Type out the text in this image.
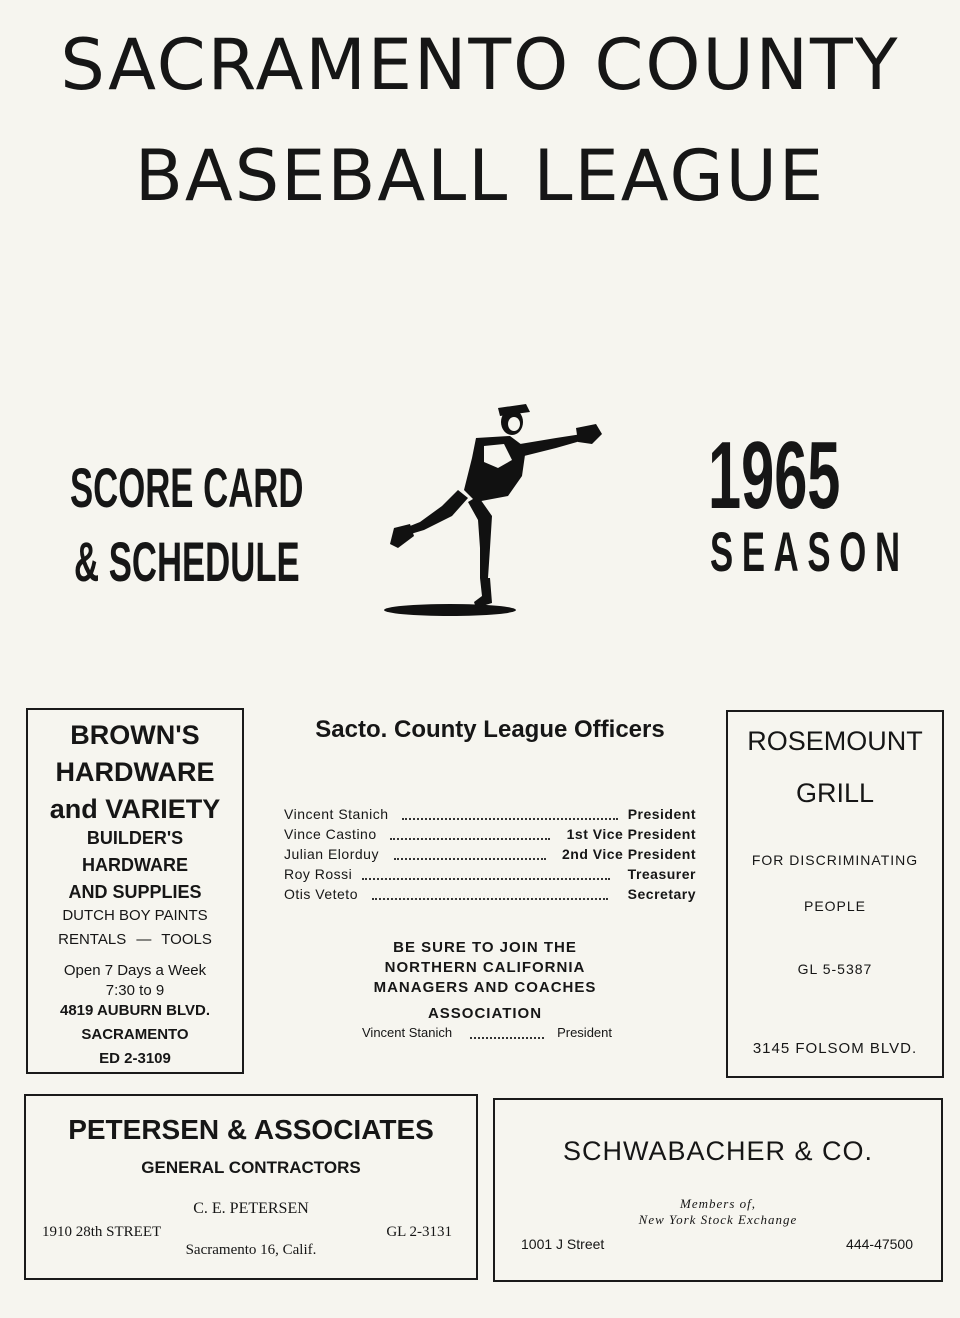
SACRAMENTO COUNTY
BASEBALL LEAGUE
SCORE CARD
& SCHEDULE
1965
SEASON
BROWN'S
HARDWARE
and VARIETY
BUILDER'S
HARDWARE
AND SUPPLIES
DUTCH BOY PAINTS
RENTALS — TOOLS
Open 7 Days a Week
7:30 to 9
4819 AUBURN BLVD.
SACRAMENTO
ED 2-3109
Sacto. County League Officers
Vincent Stanich	President
Vince Castino	1st Vice President
Julian Elorduy	2nd Vice President
Roy Rossi	Treasurer
Otis Veteto	Secretary
BE SURE TO JOIN THE
NORTHERN CALIFORNIA
MANAGERS AND COACHES
ASSOCIATION
Vincent Stanich	President
ROSEMOUNT
GRILL
FOR DISCRIMINATING
PEOPLE
GL 5-5387
3145 FOLSOM BLVD.
PETERSEN & ASSOCIATES
GENERAL CONTRACTORS
C. E. PETERSEN
1910 28th STREET	GL 2-3131
Sacramento 16, Calif.
SCHWABACHER & CO.
Members of,
New York Stock Exchange
1001 J Street	444-47500
